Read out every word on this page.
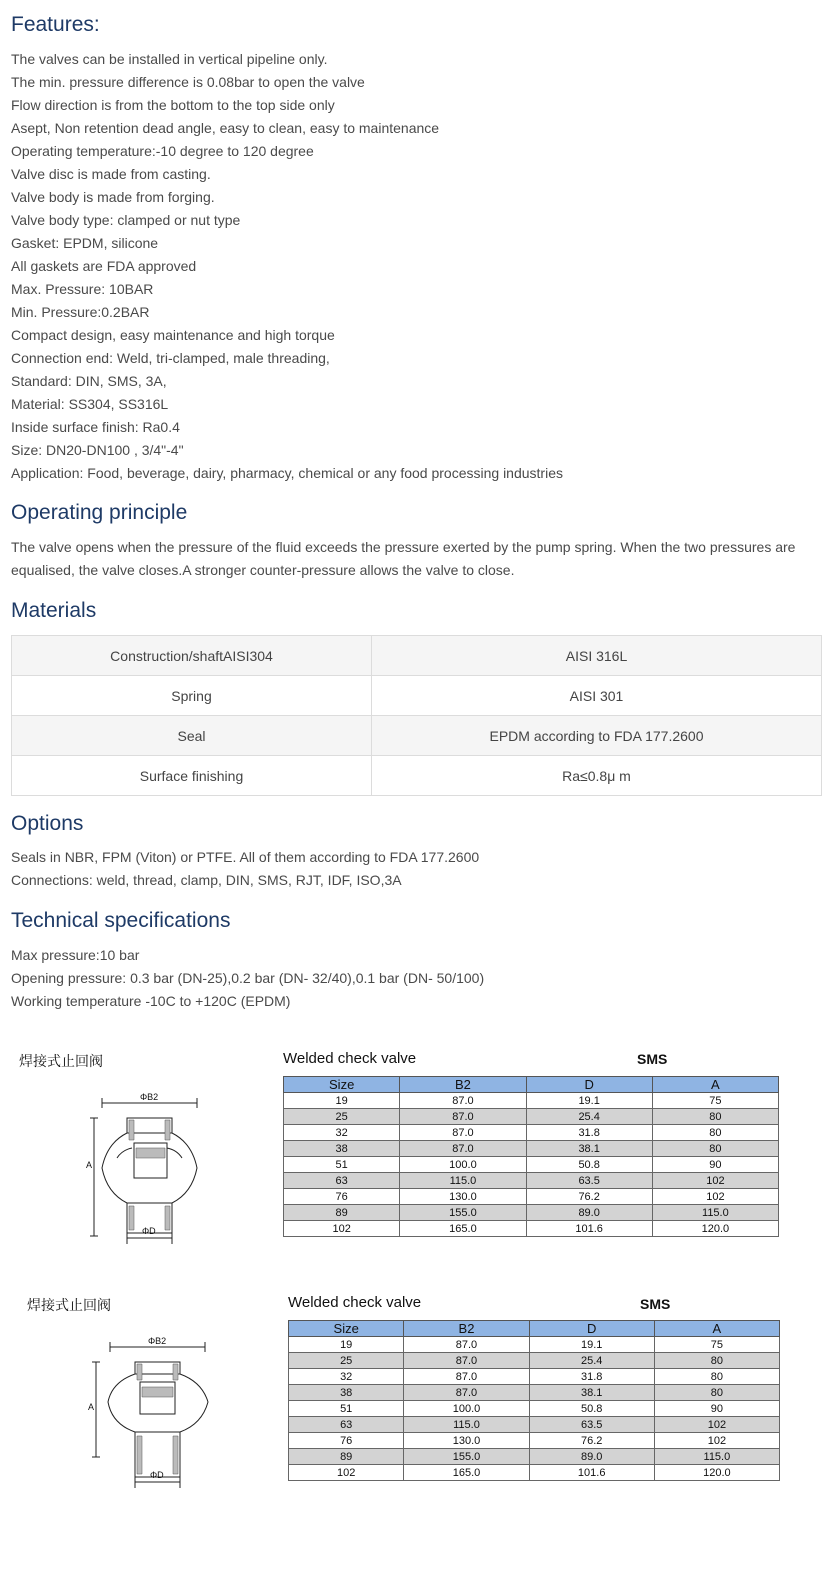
Features:
The valves can be installed in vertical pipeline only.
The min. pressure difference is 0.08bar to open the valve
Flow direction is from the bottom to the top side only
Asept, Non retention dead angle, easy to clean, easy to maintenance
Operating temperature:-10 degree to 120 degree
Valve disc is made from casting.
Valve body is made from forging.
Valve body type: clamped or nut type
Gasket: EPDM, silicone
All gaskets are FDA approved
Max. Pressure: 10BAR
Min. Pressure:0.2BAR
Compact design, easy maintenance and high torque
Connection end: Weld, tri-clamped, male threading,
Standard: DIN, SMS, 3A,
Material: SS304, SS316L
Inside surface finish: Ra0.4
Size: DN20-DN100 , 3/4"-4"
Application: Food, beverage, dairy, pharmacy, chemical or any food processing industries
Operating principle

The valve opens when the pressure of the fluid exceeds the pressure exerted by the pump spring. When the two pressures are equalised, the valve closes.A stronger counter-pressure allows the valve to close.

Materials
Construction/shaftAISI304	AISI 316L
Spring	AISI 301
Seal	EPDM according to FDA 177.2600
Surface finishing	Ra≤0.8μ m
Options
Seals in NBR, FPM (Viton) or PTFE. All of them according to FDA 177.2600
Connections: weld, thread, clamp, DIN, SMS, RJT, IDF, ISO,3A
Technical specifications
Max pressure:10 bar
Opening pressure: 0.3 bar (DN-25),0.2 bar (DN- 32/40),0.1 bar (DN- 50/100)
Working temperature -10C to +120C (EPDM)
焊接式止回阀
ΦB2
ΦD
A
Welded check valve	SMS
Size	B2	D	A
19	87.0	19.1	75
25	87.0	25.4	80
32	87.0	31.8	80
38	87.0	38.1	80
51	100.0	50.8	90
63	115.0	63.5	102
76	130.0	76.2	102
89	155.0	89.0	115.0
102	165.0	101.6	120.0
焊接式止回阀
ΦB2
ΦD
A
Welded check valve	SMS
Size	B2	D	A
19	87.0	19.1	75
25	87.0	25.4	80
32	87.0	31.8	80
38	87.0	38.1	80
51	100.0	50.8	90
63	115.0	63.5	102
76	130.0	76.2	102
89	155.0	89.0	115.0
102	165.0	101.6	120.0
